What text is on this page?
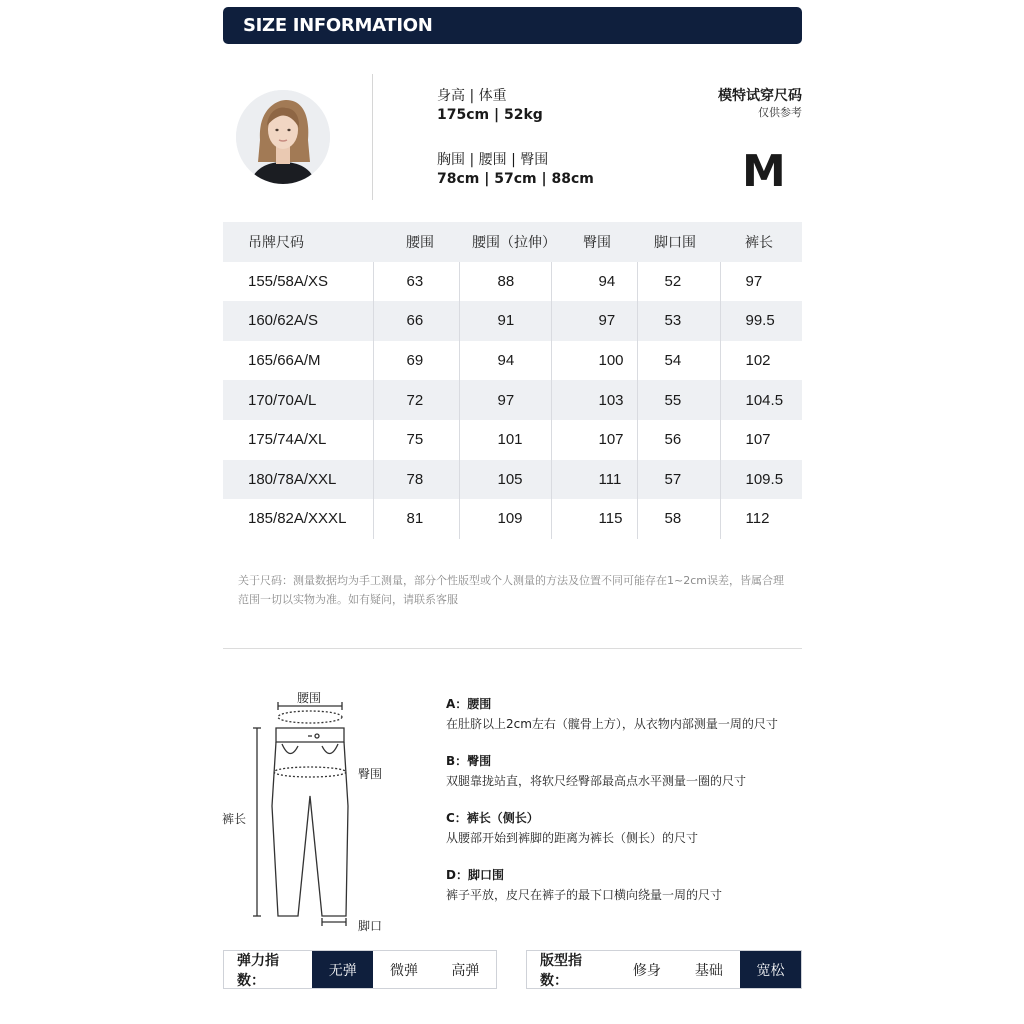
SIZE INFORMATION
身高 | 体重
175cm | 52kg
胸围 | 腰围 | 臀围
78cm | 57cm | 88cm
模特试穿尺码
仅供参考
M
吊牌尺码	腰围	腰围（拉伸）	臀围	脚口围	裤长
155/58A/XS	63	88	94	52	97
160/62A/S	66	91	97	53	99.5
165/66A/M	69	94	100	54	102
170/70A/L	72	97	103	55	104.5
175/74A/XL	75	101	107	56	107
180/78A/XXL	78	105	111	57	109.5
185/82A/XXXL	81	109	115	58	112
关于尺码：测量数据均为手工测量，部分个性版型或个人测量的方法及位置不同可能存在1~2cm误差，皆属合理
范围一切以实物为准。如有疑问，请联系客服
腰围
臀围
裤长
脚口
A：腰围
在肚脐以上2cm左右（髋骨上方），从衣物内部测量一周的尺寸
B：臀围
双腿靠拢站直，将软尺经臀部最高点水平测量一圈的尺寸
C：裤长（侧长）
从腰部开始到裤脚的距离为裤长（侧长）的尺寸
D：脚口围
裤子平放，皮尺在裤子的最下口横向绕量一周的尺寸
弹力指数：
无弹	微弹	高弹
版型指数：
修身	基础	宽松
